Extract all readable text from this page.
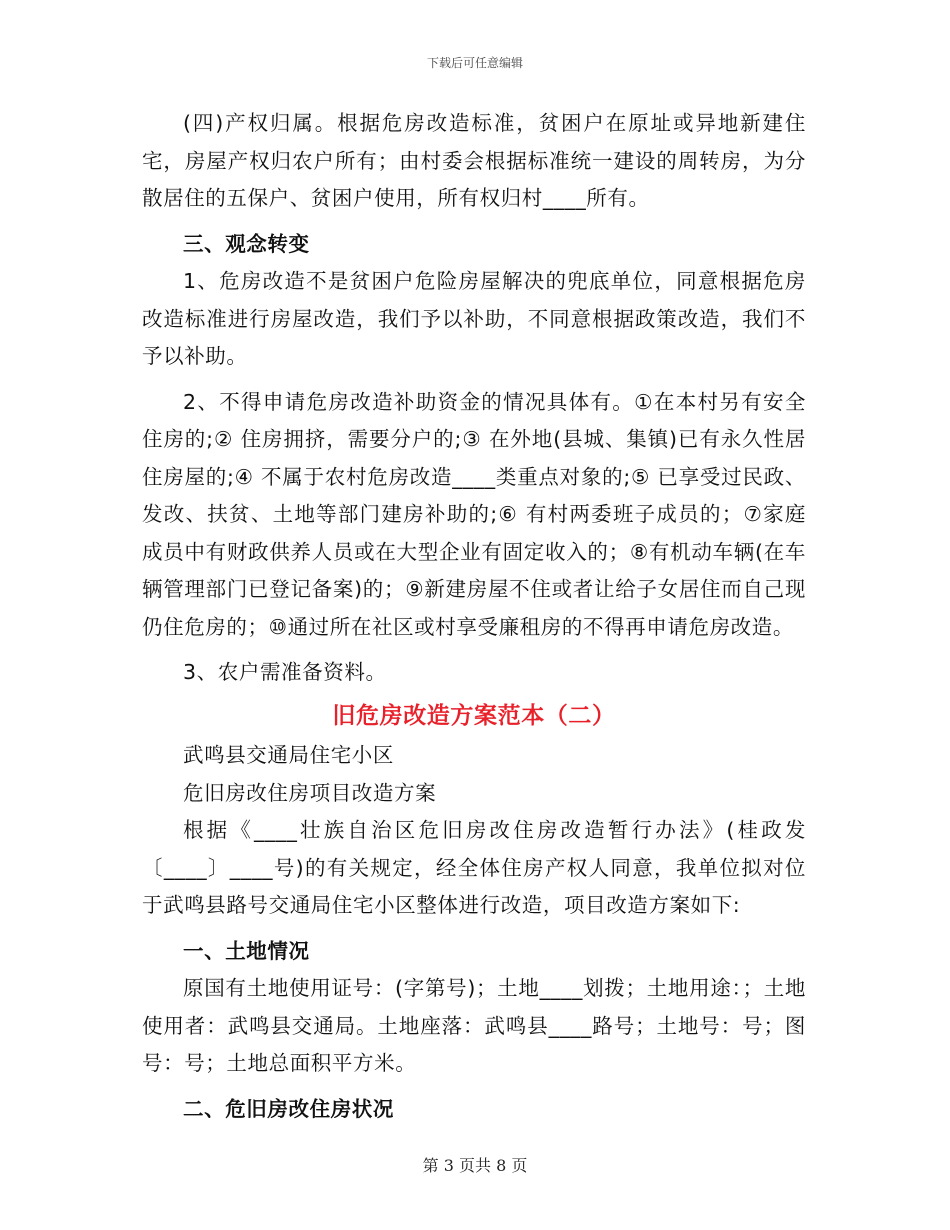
下载后可任意编辑

(四)产权归属。根据危房改造标准，贫困户在原址或异地新建住宅，房屋产权归农户所有；由村委会根据标准统一建设的周转房，为分散居住的五保户、贫困户使用，所有权归村____所有。

三、观念转变

1、危房改造不是贫困户危险房屋解决的兜底单位，同意根据危房改造标准进行房屋改造，我们予以补助，不同意根据政策改造，我们不予以补助。

2、不得申请危房改造补助资金的情况具体有。①在本村另有安全住房的;② 住房拥挤，需要分户的;③ 在外地(县城、集镇)已有永久性居住房屋的;④ 不属于农村危房改造____类重点对象的;⑤ 已享受过民政、发改、扶贫、土地等部门建房补助的;⑥ 有村两委班子成员的；⑦家庭成员中有财政供养人员或在大型企业有固定收入的；⑧有机动车辆(在车辆管理部门已登记备案)的；⑨新建房屋不住或者让给子女居住而自己现仍住危房的；⑩通过所在社区或村享受廉租房的不得再申请危房改造。

3、农户需准备资料。

旧危房改造方案范本（二）

武鸣县交通局住宅小区

危旧房改住房项目改造方案

根据《____壮族自治区危旧房改住房改造暂行办法》(桂政发〔____〕____号)的有关规定，经全体住房产权人同意，我单位拟对位于武鸣县路号交通局住宅小区整体进行改造，项目改造方案如下:

一、土地情况

原国有土地使用证号：(字第号)；土地____划拨；土地用途：；土地使用者：武鸣县交通局。土地座落：武鸣县____路号；土地号：号；图号：号；土地总面积平方米。

二、危旧房改住房状况

第 3 页共 8 页
